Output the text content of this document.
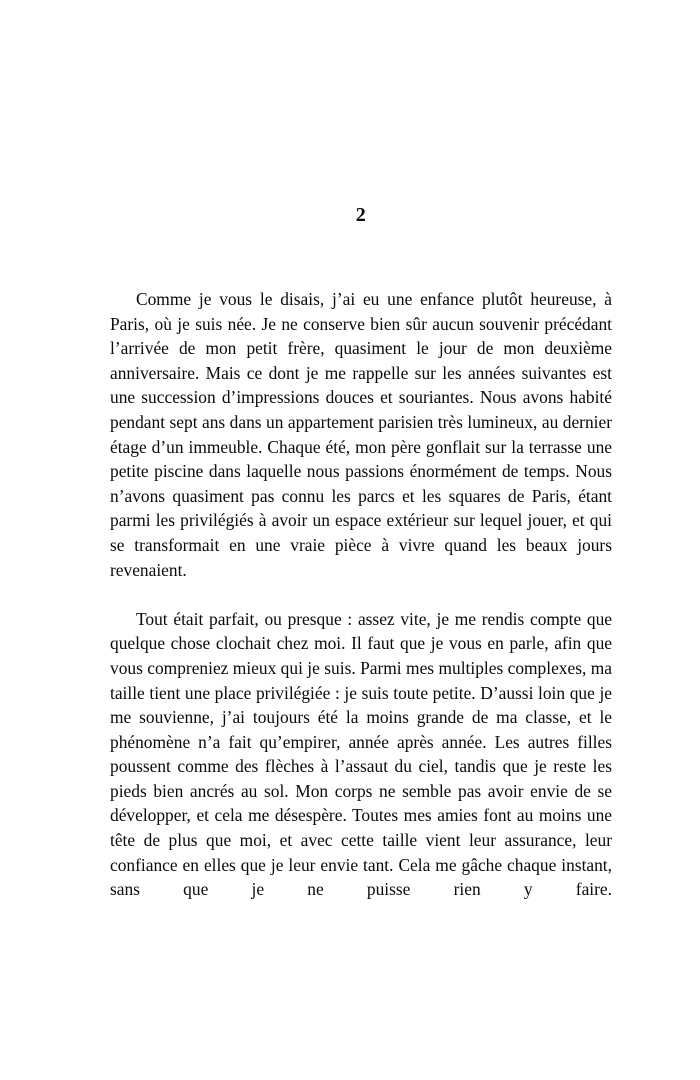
2

Comme je vous le disais, j’ai eu une enfance plutôt heureuse, à Paris, où je suis née. Je ne conserve bien sûr aucun souvenir précédant l’arrivée de mon petit frère, quasiment le jour de mon deuxième anniversaire. Mais ce dont je me rappelle sur les années suivantes est une succession d’impressions douces et souriantes. Nous avons habité pendant sept ans dans un appartement parisien très lumineux, au dernier étage d’un immeuble. Chaque été, mon père gonflait sur la terrasse une petite piscine dans laquelle nous passions énormément de temps. Nous n’avons quasiment pas connu les parcs et les squares de Paris, étant parmi les privilégiés à avoir un espace extérieur sur lequel jouer, et qui se transformait en une vraie pièce à vivre quand les beaux jours revenaient.

Tout était parfait, ou presque : assez vite, je me rendis compte que quelque chose clochait chez moi. Il faut que je vous en parle, afin que vous compreniez mieux qui je suis. Parmi mes multiples complexes, ma taille tient une place privilégiée : je suis toute petite. D’aussi loin que je me souvienne, j’ai toujours été la moins grande de ma classe, et le phénomène n’a fait qu’empirer, année après année. Les autres filles poussent comme des flèches à l’assaut du ciel, tandis que je reste les pieds bien ancrés au sol. Mon corps ne semble pas avoir envie de se développer, et cela me désespère. Toutes mes amies font au moins une tête de plus que moi, et avec cette taille vient leur assurance, leur confiance en elles que je leur envie tant. Cela me gâche chaque instant, sans que je ne puisse rien y faire.
